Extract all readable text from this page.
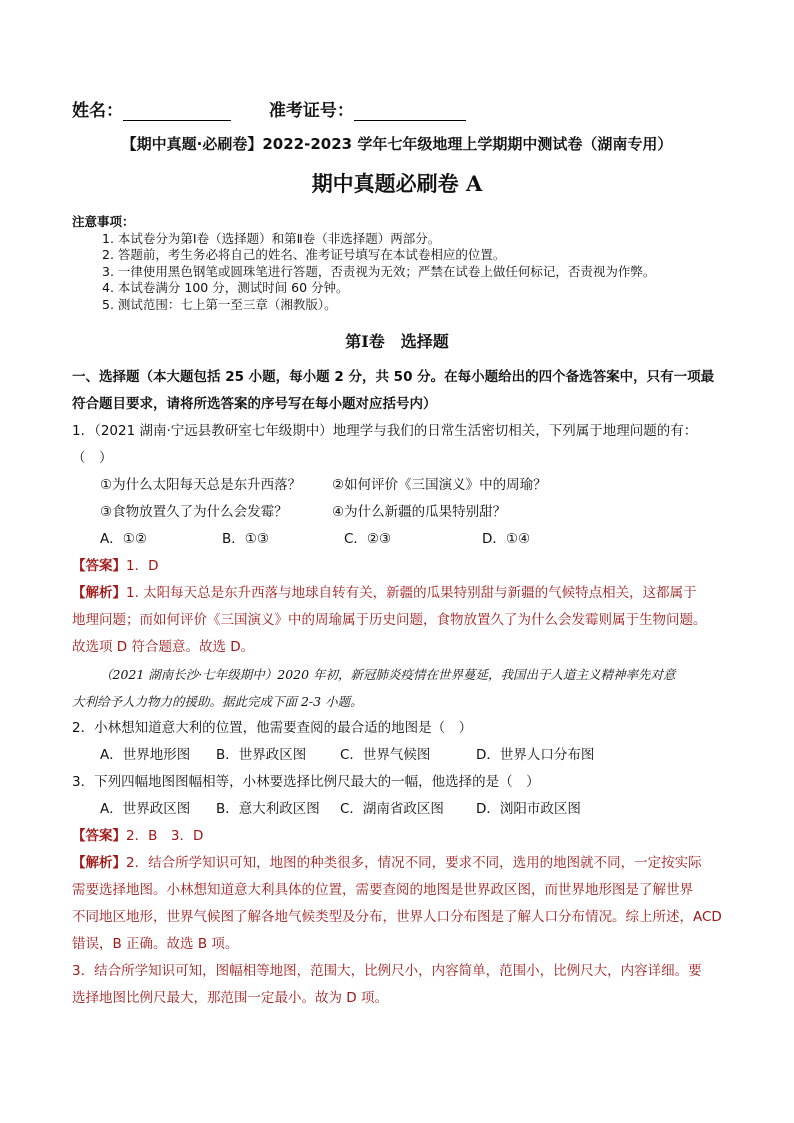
姓名：	准考证号：
【期中真题·必刷卷】2022-2023 学年七年级地理上学期期中测试卷（湖南专用）
期中真题必刷卷 A
注意事项：
1. 本试卷分为第Ⅰ卷（选择题）和第Ⅱ卷（非选择题）两部分。
2. 答题前，考生务必将自己的姓名、准考证号填写在本试卷相应的位置。
3. 一律使用黑色钢笔或圆珠笔进行答题，否责视为无效；严禁在试卷上做任何标记，否责视为作弊。
4. 本试卷满分 100 分，测试时间 60 分钟。
5. 测试范围：七上第一至三章（湘教版）。
第Ⅰ卷　选择题
一、选择题（本大题包括 25 小题，每小题 2 分，共 50 分。在每小题给出的四个备选答案中，只有一项最
符合题目要求，请将所选答案的序号写在每小题对应括号内）
1．（2021 湖南·宁远县教研室七年级期中）地理学与我们的日常生活密切相关，下列属于地理问题的有：
（　）
①为什么太阳每天总是东升西落？ ②如何评价《三国演义》中的周瑜？
③食物放置久了为什么会发霉？	④为什么新疆的瓜果特别甜？
A．①②	B．①③	C．②③	D．①④
【答案】1．D
【解析】1. 太阳每天总是东升西落与地球自转有关，新疆的瓜果特别甜与新疆的气候特点相关，这都属于
地理问题；而如何评价《三国演义》中的周瑜属于历史问题，食物放置久了为什么会发霉则属于生物问题。
故选项 D 符合题意。故选 D。
（2021 湖南长沙·七年级期中）2020 年初，新冠肺炎疫情在世界蔓延，我国出于人道主义精神率先对意
大利给予人力物力的援助。据此完成下面 2-3 小题。
2．小林想知道意大利的位置，他需要查阅的最合适的地图是（　）
A．世界地形图 B．世界政区图 C．世界气候图	D．世界人口分布图
3．下列四幅地图图幅相等，小林要选择比例尺最大的一幅，他选择的是（　）
A．世界政区图 B．意大利政区图 C．湖南省政区图 D．浏阳市政区图
【答案】2．B　3．D
【解析】2．结合所学知识可知，地图的种类很多，情况不同，要求不同，选用的地图就不同，一定按实际
需要选择地图。小林想知道意大利具体的位置，需要查阅的地图是世界政区图，而世界地形图是了解世界
不同地区地形，世界气候图了解各地气候类型及分布，世界人口分布图是了解人口分布情况。综上所述，ACD
错误，B 正确。故选 B 项。
3．结合所学知识可知，图幅相等地图，范围大，比例尺小，内容简单，范围小，比例尺大，内容详细。要
选择地图比例尺最大，那范围一定最小。故为 D 项。
